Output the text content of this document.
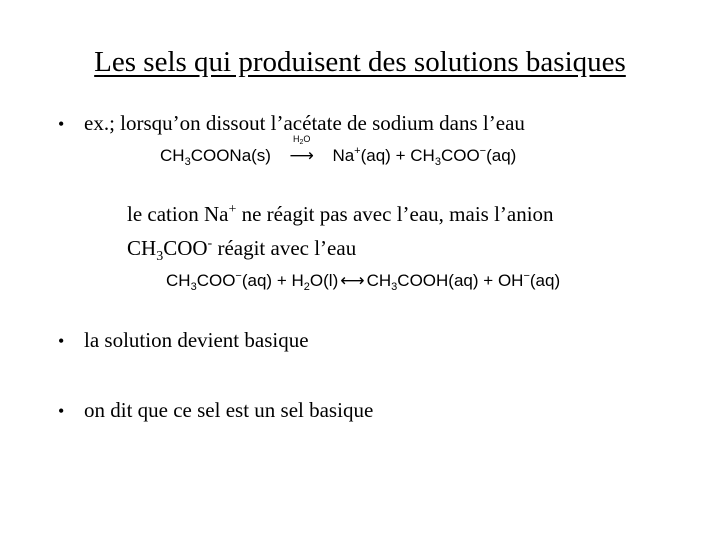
Les sels qui produisent des solutions basiques
• ex.; lorsqu’on dissout l’acétate de sodium dans l’eau
$CH_3COONa(s)$
$H_2O$
⟶ $Na^+(aq) + CH_3COO^-(aq)$
le cation Na+ ne réagit pas avec l’eau, mais l’anion
$CH_3COO^-$ réagit avec l’eau
$CH_3COO^-(aq) + H_2O(l)$ ⟷ $CH_3COOH(aq) + OH^-(aq)$
• la solution devient basique
• on dit que ce sel est un sel basique
